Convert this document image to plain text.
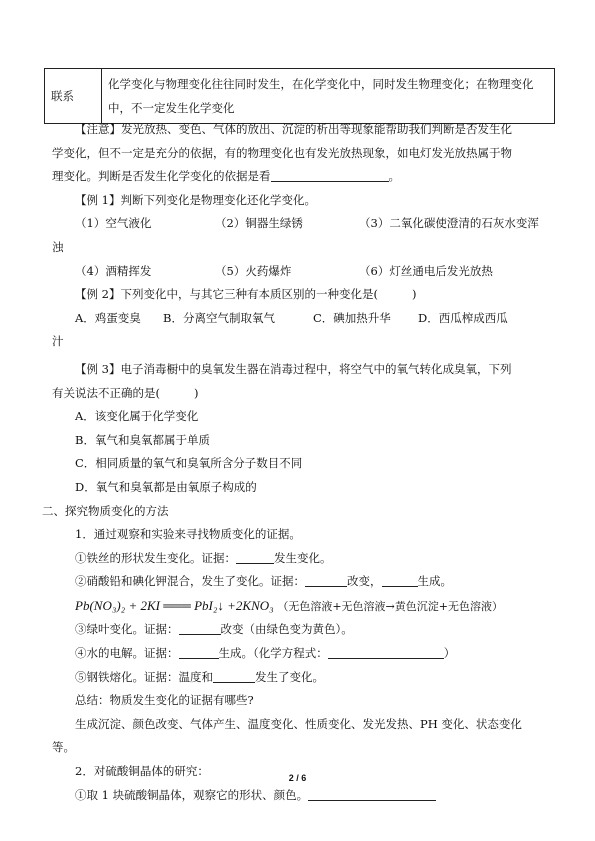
联系	化学变化与物理变化往往同时发生，在化学变化中，同时发生物理变化；在物理变化中，不一定发生化学变化

【注意】发光放热、变色、气体的放出、沉淀的析出等现象能帮助我们判断是否发生化

学变化，但不一定是充分的依据，有的物理变化也有发光放热现象，如电灯发光放热属于物

理变化。判断是否发生化学变化的依据是看	。

【例 1】判断下列变化是物理变化还化学变化。

（1）空气液化	（2）铜器生绿锈	（3）二氧化碳使澄清的石灰水变浑

浊

（4）酒精挥发	（5）火药爆炸	（6）灯丝通电后发光放热

【例 2】下列变化中，与其它三种有本质区别的一种变化是(	)

A．鸡蛋变臭	B．分离空气制取氧气	C．碘加热升华	D．西瓜榨成西瓜

汁

【例 3】电子消毒橱中的臭氧发生器在消毒过程中，将空气中的氧气转化成臭氧，下列

有关说法不正确的是(	)

A．该变化属于化学变化

B．氧气和臭氧都属于单质

C．相同质量的氧气和臭氧所含分子数目不同

D．氧气和臭氧都是由氧原子构成的

二、探究物质变化的方法

1．通过观察和实验来寻找物质变化的证据。

①铁丝的形状发生变化。证据：	发生变化。

②硝酸铅和碘化钾混合，发生了变化。证据：	改变，	生成。

Pb(NO₃)₂ + 2KI ═══ PbI₂↓ +2KNO₃ （无色溶液+无色溶液→黄色沉淀+无色溶液）

③绿叶变化。证据：	改变（由绿色变为黄色）。

④水的电解。证据：	生成。（化学方程式：	）

⑤钢铁熔化。证据：温度和	发生了变化。

总结：物质发生变化的证据有哪些?

生成沉淀、颜色改变、气体产生、温度变化、性质变化、发光发热、PH 变化、状态变化

等。

2．对硫酸铜晶体的研究：

①取 1 块硫酸铜晶体，观察它的形状、颜色。

2 / 6
